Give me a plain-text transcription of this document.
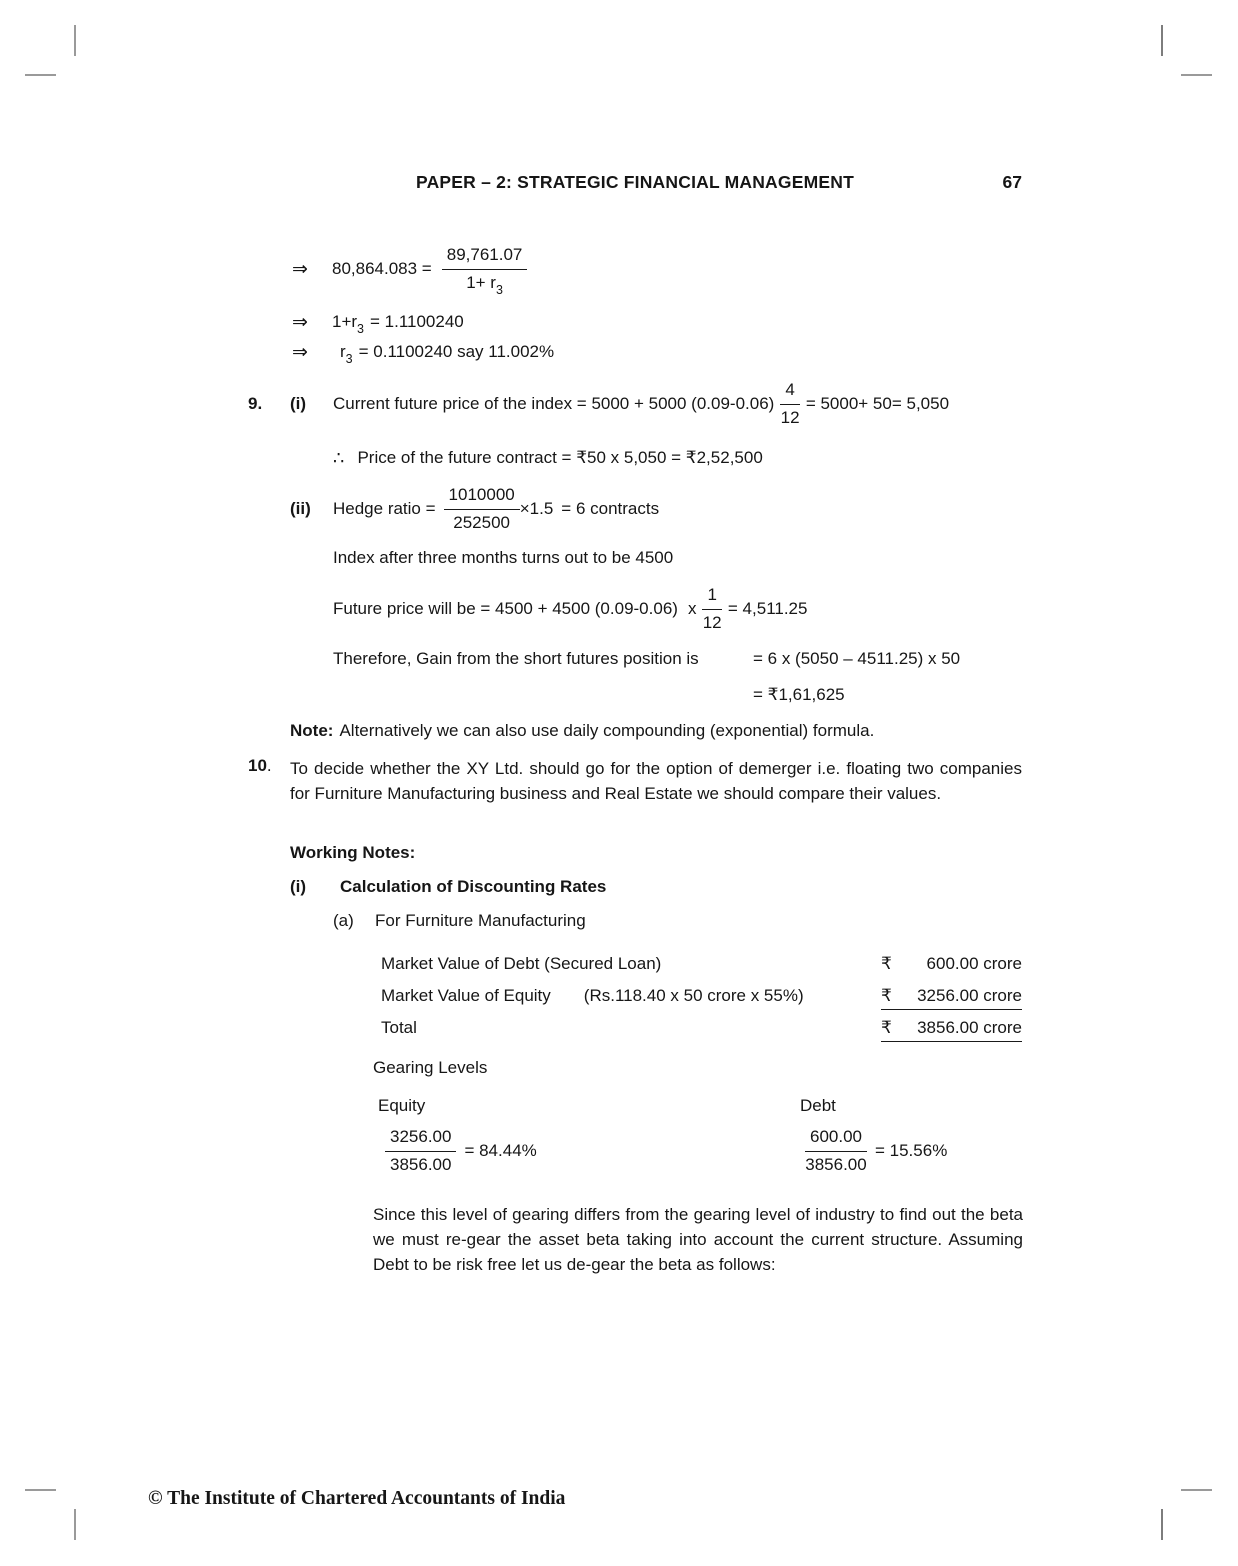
PAPER – 2: STRATEGIC FINANCIAL MANAGEMENT	67
⇒	$80,864.083 = \frac{89,761.07}{1+ r_3}$
⇒	$1+r_3 = 1.1100240$
⇒	$r_3 = 0.1100240$ say 11.002%
9.	(i)	Current future price of the index = 5000 + 5000 $(0.09-0.06) \frac{4}{12} = 5000+ 50= 5,050$
∴ Price of the future contract = ₹50 x 5,050 = ₹2,52,500
(ii)	Hedge ratio = $\frac{1010000}{252500} \times 1.5 = 6$ contracts
Index after three months turns out to be 4500
Future price will be = 4500 + 4500 (0.09-0.06) x $\frac{1}{12} = 4,511.25$
Therefore, Gain from the short futures position is	= 6 x (5050 – 4511.25) x 50
= ₹1,61,625
Note: Alternatively we can also use daily compounding (exponential) formula.
10. To decide whether the XY Ltd. should go for the option of demerger i.e. floating two companies for Furniture Manufacturing business and Real Estate we should compare their values.
Working Notes:
(i)	Calculation of Discounting Rates
(a)	For Furniture Manufacturing
Market Value of Debt (Secured Loan)	₹ 600.00 crore
Market Value of Equity (Rs.118.40 x 50 crore x 55%)	₹ 3256.00 crore
Total	₹ 3856.00 crore
Gearing Levels
Equity	Debt
$\frac{3256.00}{3856.00} = 84.44\%$	$\frac{600.00}{3856.00} = 15.56\%$
Since this level of gearing differs from the gearing level of industry to find out the beta we must re-gear the asset beta taking into account the current structure. Assuming Debt to be risk free let us de-gear the beta as follows:
© The Institute of Chartered Accountants of India
